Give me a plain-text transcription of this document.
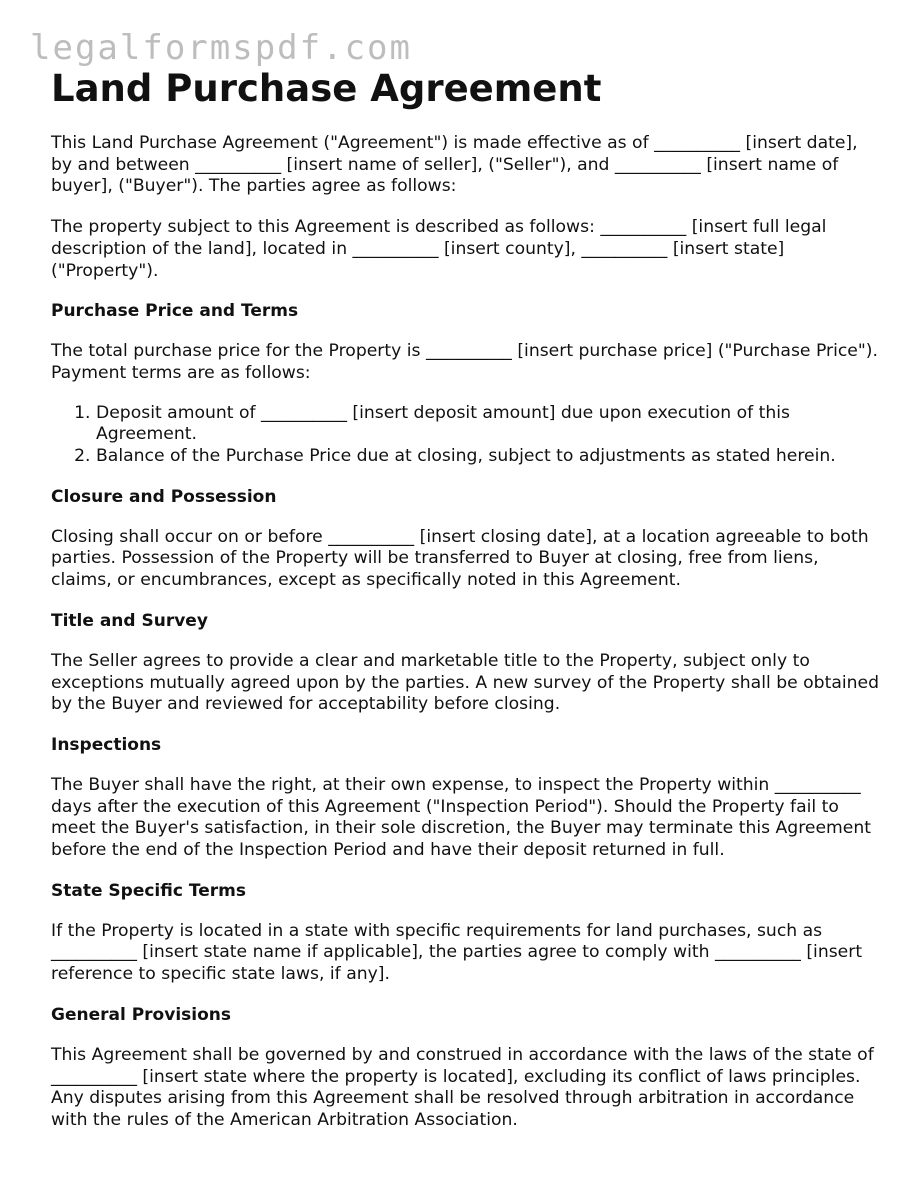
legalformspdf.com
Land Purchase Agreement

This Land Purchase Agreement ("Agreement") is made effective as of __________ [insert date], by and between __________ [insert name of seller], ("Seller"), and __________ [insert name of buyer], ("Buyer"). The parties agree as follows:

The property subject to this Agreement is described as follows: __________ [insert full legal description of the land], located in __________ [insert county], __________ [insert state] ("Property").

Purchase Price and Terms

The total purchase price for the Property is __________ [insert purchase price] ("Purchase Price"). Payment terms are as follows:

1. Deposit amount of __________ [insert deposit amount] due upon execution of this Agreement.
2. Balance of the Purchase Price due at closing, subject to adjustments as stated herein.
Closure and Possession

Closing shall occur on or before __________ [insert closing date], at a location agreeable to both parties. Possession of the Property will be transferred to Buyer at closing, free from liens, claims, or encumbrances, except as specifically noted in this Agreement.

Title and Survey

The Seller agrees to provide a clear and marketable title to the Property, subject only to exceptions mutually agreed upon by the parties. A new survey of the Property shall be obtained by the Buyer and reviewed for acceptability before closing.

Inspections

The Buyer shall have the right, at their own expense, to inspect the Property within __________ days after the execution of this Agreement ("Inspection Period"). Should the Property fail to meet the Buyer's satisfaction, in their sole discretion, the Buyer may terminate this Agreement before the end of the Inspection Period and have their deposit returned in full.

State Specific Terms

If the Property is located in a state with specific requirements for land purchases, such as __________ [insert state name if applicable], the parties agree to comply with __________ [insert reference to specific state laws, if any].

General Provisions

This Agreement shall be governed by and construed in accordance with the laws of the state of __________ [insert state where the property is located], excluding its conflict of laws principles. Any disputes arising from this Agreement shall be resolved through arbitration in accordance with the rules of the American Arbitration Association.
